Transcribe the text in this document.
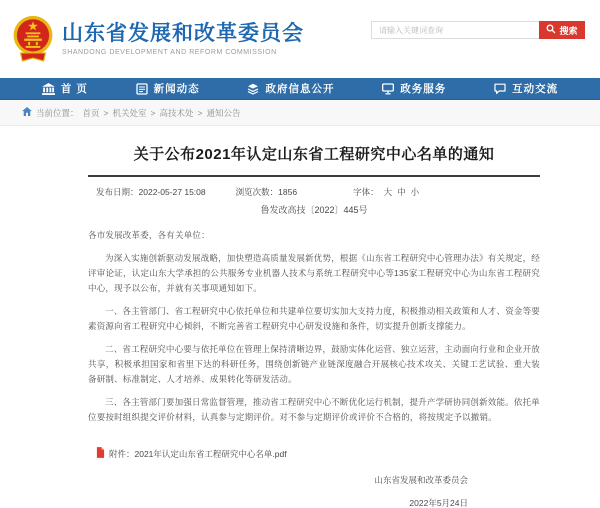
山东省发展和改革委员会
SHANDONG DEVELOPMENT AND REFORM COMMISSION
请输入关键词查询
搜索
首 页	新闻动态	政府信息公开	政务服务	互动交流
当前位置： 首页 > 机关处室 > 高技术处 > 通知公告
关于公布2021年认定山东省工程研究中心名单的通知
发布日期：2022-05-27 15:08	浏览次数：1856	字体： 大 中 小
鲁发改高技〔2022〕445号

各市发展改革委，各有关单位：

为深入实施创新驱动发展战略，加快塑造高质量发展新优势，根据《山东省工程研究中心管理办法》有关规定，经评审论证，认定山东大学承担的公共服务专业机器人技术与系统工程研究中心等135家工程研究中心为山东省工程研究中心，现予以公布，并就有关事项通知如下。

一、各主管部门、省工程研究中心依托单位和共建单位要切实加大支持力度，积极推动相关政策和人才、资金等要素资源向省工程研究中心倾斜，不断完善省工程研究中心研发设施和条件，切实提升创新支撑能力。

二、省工程研究中心要与依托单位在管理上保持清晰边界，鼓励实体化运营、独立运营，主动面向行业和企业开放共享，积极承担国家和省里下达的科研任务，围绕创新链产业链深度融合开展核心技术攻关、关键工艺试验、重大装备研制、标准制定、人才培养、成果转化等研发活动。

三、各主管部门要加强日常监督管理，推动省工程研究中心不断优化运行机制，提升产学研协同创新效能。依托单位要按时组织提交评价材料，认真参与定期评价。对不参与定期评价或评价不合格的，将按规定予以撤销。

附件：2021年认定山东省工程研究中心名单.pdf
山东省发展和改革委员会
2022年5月24日
